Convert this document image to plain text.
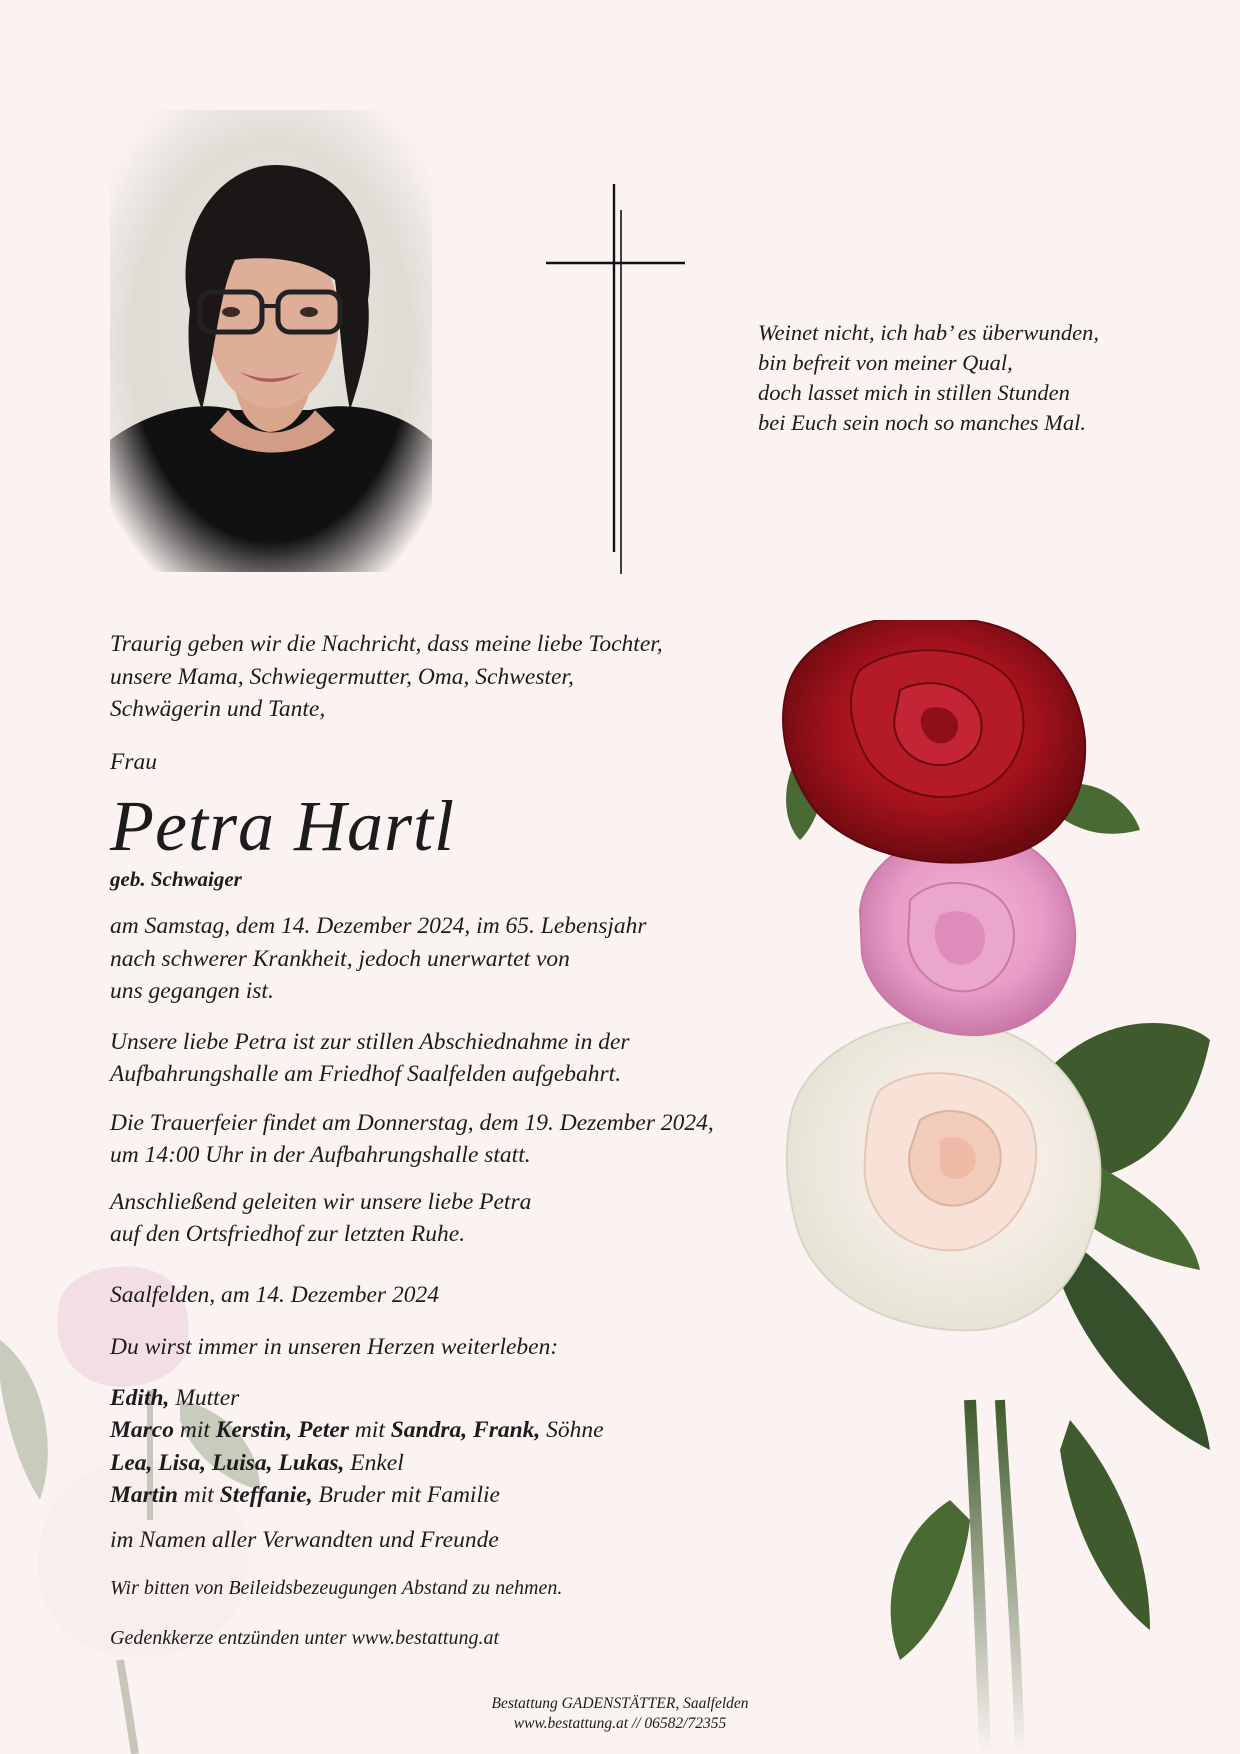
Weinet nicht, ich hab’ es überwunden,
bin befreit von meiner Qual,
doch lasset mich in stillen Stunden
bei Euch sein noch so manches Mal.

Traurig geben wir die Nachricht, dass meine liebe Tochter,
unsere Mama, Schwiegermutter, Oma, Schwester,
Schwägerin und Tante,

Frau

Petra Hartl

geb. Schwaiger

am Samstag, dem 14. Dezember 2024, im 65. Lebensjahr
nach schwerer Krankheit, jedoch unerwartet von
uns gegangen ist.

Unsere liebe Petra ist zur stillen Abschiednahme in der
Aufbahrungshalle am Friedhof Saalfelden aufgebahrt.

Die Trauerfeier findet am Donnerstag, dem 19. Dezember 2024,
um 14:00 Uhr in der Aufbahrungshalle statt.

Anschließend geleiten wir unsere liebe Petra
auf den Ortsfriedhof zur letzten Ruhe.

Saalfelden, am 14. Dezember 2024

Du wirst immer in unseren Herzen weiterleben:

Edith, Mutter
Marco mit Kerstin, Peter mit Sandra, Frank, Söhne
Lea, Lisa, Luisa, Lukas, Enkel
Martin mit Steffanie, Bruder mit Familie

im Namen aller Verwandten und Freunde

Wir bitten von Beileidsbezeugungen Abstand zu nehmen.

Gedenkkerze entzünden unter www.bestattung.at

Bestattung GADENSTÄTTER, Saalfelden
www.bestattung.at // 06582/72355
